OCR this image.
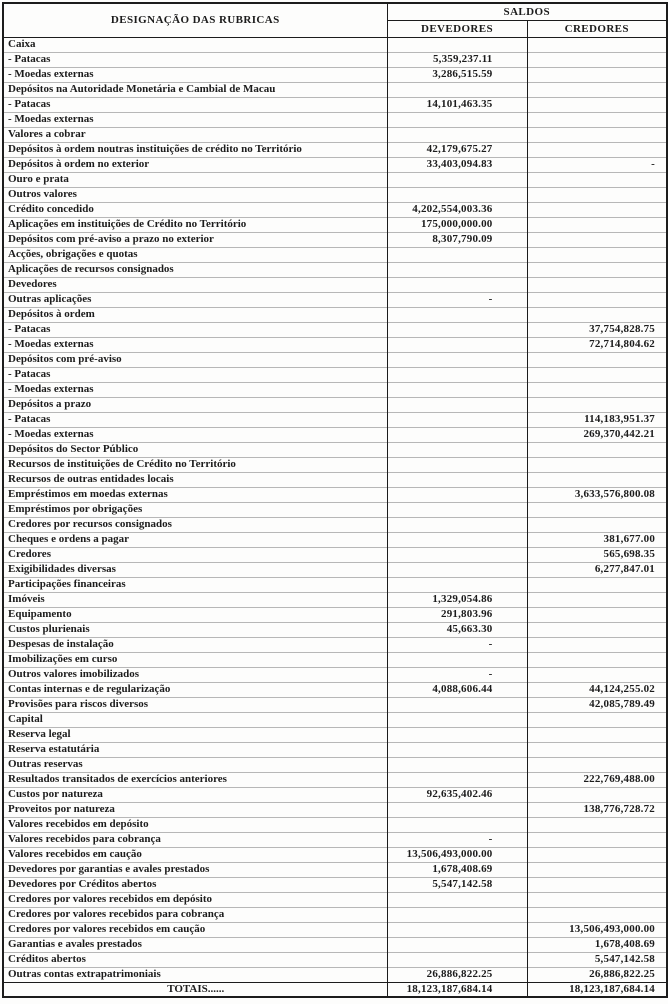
DESIGNAÇÃO DAS RUBRICAS	SALDOS	
	DEVEDORES	CREDORES
Caixa		
- Patacas	5,359,237.11	
- Moedas externas	3,286,515.59	
Depósitos na Autoridade Monetária e Cambial de Macau		
- Patacas	14,101,463.35	
- Moedas externas		
Valores a cobrar		
Depósitos à ordem noutras instituições de crédito no Território	42,179,675.27	
Depósitos à ordem no exterior	33,403,094.83	-
Ouro e prata		
Outros valores		
Crédito concedido	4,202,554,003.36	
Aplicações em instituições de Crédito no Território	175,000,000.00	
Depósitos com pré-aviso a prazo no exterior	8,307,790.09	
Acções, obrigações e quotas		
Aplicações de recursos consignados		
Devedores		
Outras aplicações	-	
Depósitos à ordem		
- Patacas		37,754,828.75
- Moedas externas		72,714,804.62
Depósitos com pré-aviso		
- Patacas		
- Moedas externas		
Depósitos a prazo		
- Patacas		114,183,951.37
- Moedas externas		269,370,442.21
Depósitos do Sector Público		
Recursos de instituições de Crédito no Território		
Recursos de outras entidades locais		
Empréstimos em moedas externas		3,633,576,800.08
Empréstimos por obrigações		
Credores por recursos consignados		
Cheques e ordens a pagar		381,677.00
Credores		565,698.35
Exigibilidades diversas		6,277,847.01
Participações financeiras		
Imóveis	1,329,054.86	
Equipamento	291,803.96	
Custos plurienais	45,663.30	
Despesas de instalação	-	
Imobilizações em curso		
Outros valores imobilizados	-	
Contas internas e de regularização	4,088,606.44	44,124,255.02
Provisões para riscos diversos		42,085,789.49
Capital		
Reserva legal		
Reserva estatutária		
Outras reservas		
Resultados transitados de exercícios anteriores		222,769,488.00
Custos por natureza	92,635,402.46	
Proveitos por natureza		138,776,728.72
Valores recebidos em depósito		
Valores recebidos para cobrança	-	
Valores recebidos em caução	13,506,493,000.00	
Devedores por garantias e avales prestados	1,678,408.69	
Devedores por Créditos abertos	5,547,142.58	
Credores por valores recebidos em depósito		
Credores por valores recebidos para cobrança		
Credores por valores recebidos em caução		13,506,493,000.00
Garantias e avales prestados		1,678,408.69
Créditos abertos		5,547,142.58
Outras contas extrapatrimoniais	26,886,822.25	26,886,822.25
TOTAIS......	18,123,187,684.14	18,123,187,684.14
